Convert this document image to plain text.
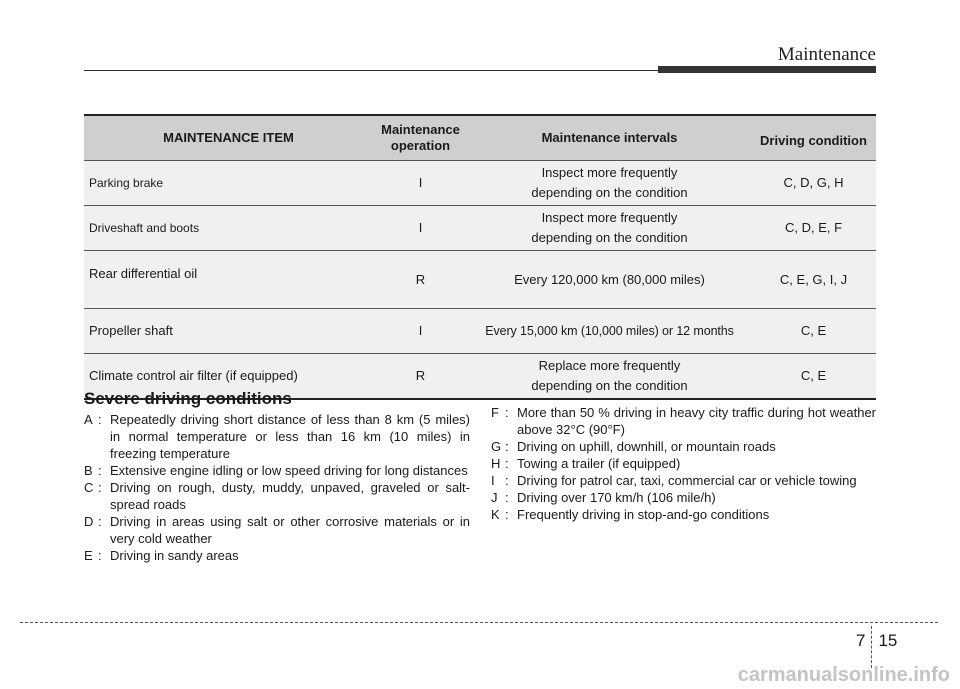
Maintenance
MAINTENANCE ITEM	Maintenance operation	Maintenance intervals	Driving condition
Parking brake	I	Inspect more frequently depending on the condition	C, D, G, H
Driveshaft and boots	I	Inspect more frequently depending on the condition	C, D, E, F
Rear differential oil	R	Every 120,000 km (80,000 miles)	C, E, G, I, J
Propeller shaft	I	Every 15,000 km (10,000 miles) or 12 months	C, E
Climate control air filter (if equipped)	R	Replace more frequently depending on the condition	C, E
Severe driving conditions
A : Repeatedly driving short distance of less than 8 km (5 miles) in normal temperature or less than 16 km (10 miles) in freezing temperature
B : Extensive engine idling or low speed driving for long distances
C : Driving on rough, dusty, muddy, unpaved, graveled or salt-spread roads
D : Driving in areas using salt or other corrosive materials or in very cold weather
E : Driving in sandy areas
F : More than 50 % driving in heavy city traffic during hot weather above 32°C (90°F)
G : Driving on uphill, downhill, or mountain roads
H : Towing a trailer (if equipped)
I : Driving for patrol car, taxi, commercial car or vehicle towing
J : Driving over 170 km/h (106 mile/h)
K : Frequently driving in stop-and-go conditions
7 15
carmanualsonline.info
